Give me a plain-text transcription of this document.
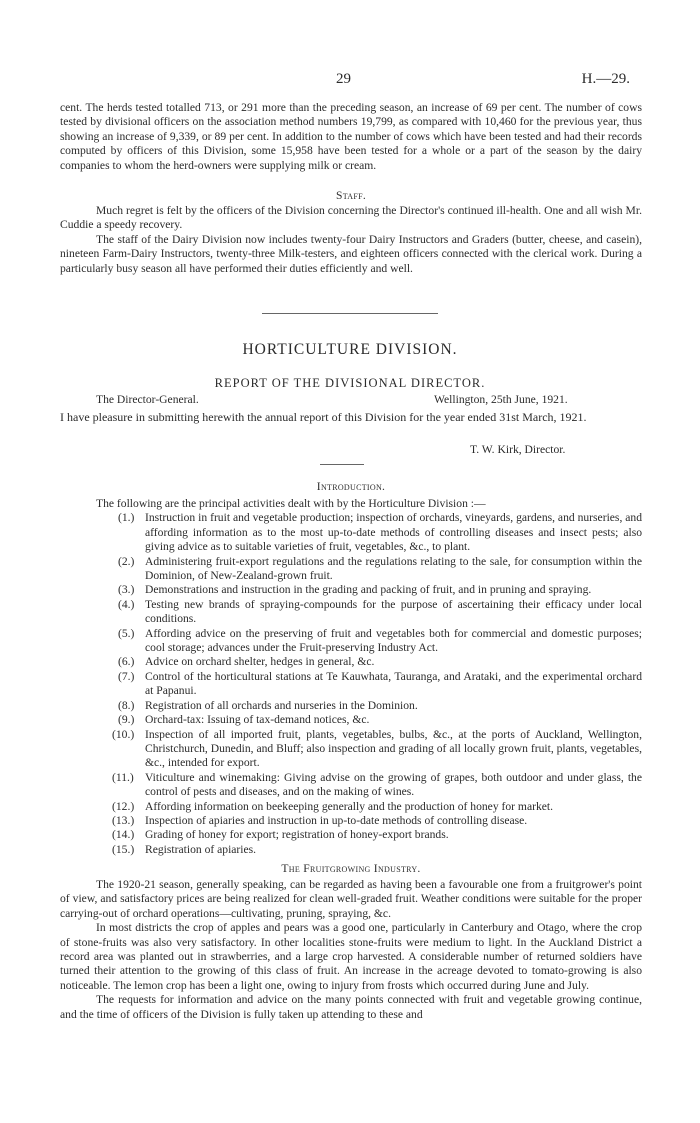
29	H.—29.
cent. The herds tested totalled 713, or 291 more than the preceding season, an increase of 69 per cent. The number of cows tested by divisional officers on the association method numbers 19,799, as compared with 10,460 for the previous year, thus showing an increase of 9,339, or 89 per cent. In addition to the number of cows which have been tested and had their records computed by officers of this Division, some 15,958 have been tested for a whole or a part of the season by the dairy companies to whom the herd-owners were supplying milk or cream.
Staff.
Much regret is felt by the officers of the Division concerning the Director's continued ill-health. One and all wish Mr. Cuddie a speedy recovery.
The staff of the Dairy Division now includes twenty-four Dairy Instructors and Graders (butter, cheese, and casein), nineteen Farm-Dairy Instructors, twenty-three Milk-testers, and eighteen officers connected with the clerical work. During a particularly busy season all have performed their duties efficiently and well.
HORTICULTURE DIVISION.
REPORT OF THE DIVISIONAL DIRECTOR.
The Director-General.	Wellington, 25th June, 1921.
I have pleasure in submitting herewith the annual report of this Division for the year ended 31st March, 1921.
T. W. Kirk, Director.
Introduction.
The following are the principal activities dealt with by the Horticulture Division :—
(1.) Instruction in fruit and vegetable production; inspection of orchards, vineyards, gardens, and nurseries, and affording information as to the most up-to-date methods of controlling diseases and insect pests; also giving advice as to suitable varieties of fruit, vegetables, &c., to plant.
(2.) Administering fruit-export regulations and the regulations relating to the sale, for consumption within the Dominion, of New-Zealand-grown fruit.
(3.) Demonstrations and instruction in the grading and packing of fruit, and in pruning and spraying.
(4.) Testing new brands of spraying-compounds for the purpose of ascertaining their efficacy under local conditions.
(5.) Affording advice on the preserving of fruit and vegetables both for commercial and domestic purposes; cool storage; advances under the Fruit-preserving Industry Act.
(6.) Advice on orchard shelter, hedges in general, &c.
(7.) Control of the horticultural stations at Te Kauwhata, Tauranga, and Arataki, and the experimental orchard at Papanui.
(8.) Registration of all orchards and nurseries in the Dominion.
(9.) Orchard-tax: Issuing of tax-demand notices, &c.
(10.) Inspection of all imported fruit, plants, vegetables, bulbs, &c., at the ports of Auckland, Wellington, Christchurch, Dunedin, and Bluff; also inspection and grading of all locally grown fruit, plants, vegetables, &c., intended for export.
(11.) Viticulture and winemaking: Giving advise on the growing of grapes, both outdoor and under glass, the control of pests and diseases, and on the making of wines.
(12.) Affording information on beekeeping generally and the production of honey for market.
(13.) Inspection of apiaries and instruction in up-to-date methods of controlling disease.
(14.) Grading of honey for export; registration of honey-export brands.
(15.) Registration of apiaries.
The Fruitgrowing Industry.
The 1920-21 season, generally speaking, can be regarded as having been a favourable one from a fruitgrower's point of view, and satisfactory prices are being realized for clean well-graded fruit. Weather conditions were suitable for the proper carrying-out of orchard operations—cultivating, pruning, spraying, &c.
In most districts the crop of apples and pears was a good one, particularly in Canterbury and Otago, where the crop of stone-fruits was also very satisfactory. In other localities stone-fruits were medium to light. In the Auckland District a record area was planted out in strawberries, and a large crop harvested. A considerable number of returned soldiers have turned their attention to the growing of this class of fruit. An increase in the acreage devoted to tomato-growing is also noticeable. The lemon crop has been a light one, owing to injury from frosts which occurred during June and July.
The requests for information and advice on the many points connected with fruit and vegetable growing continue, and the time of officers of the Division is fully taken up attending to these and
